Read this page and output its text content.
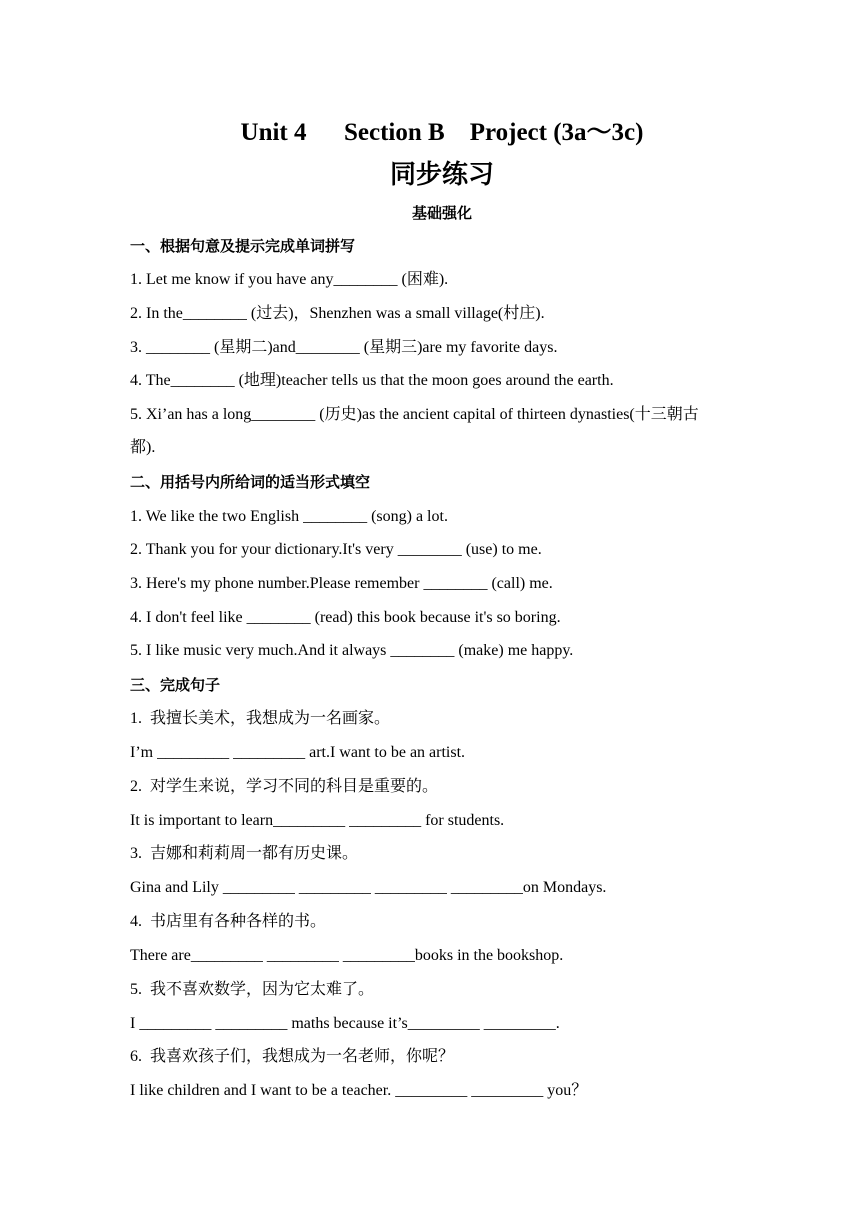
Unit 4      Section B    Project (3a～3c)
同步练习
基础强化
一、根据句意及提示完成单词拼写
1. Let me know if you have any________ (困难).
2. In the________ (过去)，Shenzhen was a small village(村庄).
3. ________ (星期二)and________ (星期三)are my favorite days.
4. The________ (地理)teacher tells us that the moon goes around the earth.
5. Xi’an has a long________ (历史)as the ancient capital of thirteen dynasties(十三朝古
都).
二、用括号内所给词的适当形式填空
1. We like the two English ________ (song) a lot.
2. Thank you for your dictionary.It's very ________ (use) to me.
3. Here's my phone number.Please remember ________ (call) me.
4. I don't feel like ________ (read) this book because it's so boring.
5. I like music very much.And it always ________ (make) me happy.
三、完成句子
1.  我擅长美术，我想成为一名画家。
I’m _________ _________ art.I want to be an artist.
2.  对学生来说，学习不同的科目是重要的。
It is important to learn_________ _________ for students.
3.  吉娜和莉莉周一都有历史课。
Gina and Lily _________ _________ _________ _________on Mondays.
4.  书店里有各种各样的书。
There are_________ _________ _________books in the bookshop.
5.  我不喜欢数学，因为它太难了。
I _________ _________ maths because it’s_________ _________.
6.  我喜欢孩子们，我想成为一名老师，你呢？
I like children and I want to be a teacher. _________ _________ you？
